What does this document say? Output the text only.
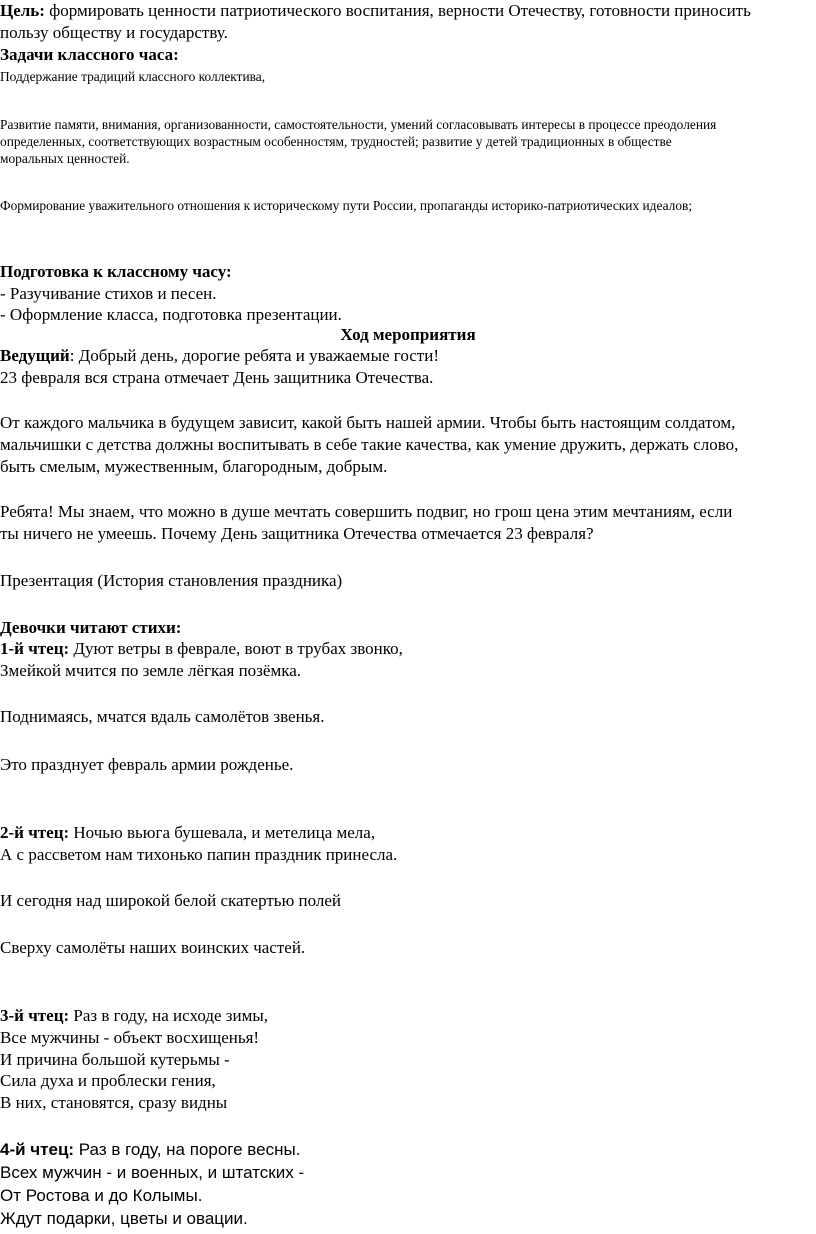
Цель: формировать ценности патриотического воспитания, верности Отечеству, готовности приносить
пользу обществу и государству.
Задачи классного часа:
Поддержание традиций классного коллектива,
Развитие памяти, внимания, организованности, самостоятельности, умений согласовывать интересы в процессе преодоления
определенных, соответствующих возрастным особенностям, трудностей; развитие у детей традиционных в обществе
моральных ценностей.
Формирование уважительного отношения к историческому пути России, пропаганды историко-патриотических идеалов;
Подготовка к классному часу:
- Разучивание стихов и песен.
- Оформление класса, подготовка презентации.
Ход мероприятия
Ведущий: Добрый день, дорогие ребята и уважаемые гости!
23 февраля вся страна отмечает День защитника Отечества.
От каждого мальчика в будущем зависит, какой быть нашей армии. Чтобы быть настоящим солдатом,
мальчишки с детства должны воспитывать в себе такие качества, как умение дружить, держать слово,
быть смелым, мужественным, благородным, добрым.
Ребята! Мы знаем, что можно в душе мечтать совершить подвиг, но грош цена этим мечтаниям, если
ты ничего не умеешь. Почему День защитника Отечества отмечается 23 февраля?
Презентация (История становления праздника)
Девочки читают стихи:
1-й чтец: Дуют ветры в феврале, воют в трубах звонко,
Змейкой мчится по земле лёгкая позёмка.
Поднимаясь, мчатся вдаль самолётов звенья.
Это празднует февраль армии рожденье.
2-й чтец: Ночью вьюга бушевала, и метелица мела,
А с рассветом нам тихонько папин праздник принесла.
И сегодня над широкой белой скатертью полей
Сверху самолёты наших воинских частей.
3-й чтец: Раз в году, на исходе зимы,
Все мужчины - объект восхищенья!
И причина большой кутерьмы -
Сила духа и проблески гения,
В них, становятся, сразу видны
4-й чтец: Раз в году, на пороге весны.
Всех мужчин - и военных, и штатских -
От Ростова и до Колымы.
Ждут подарки, цветы и овации.
